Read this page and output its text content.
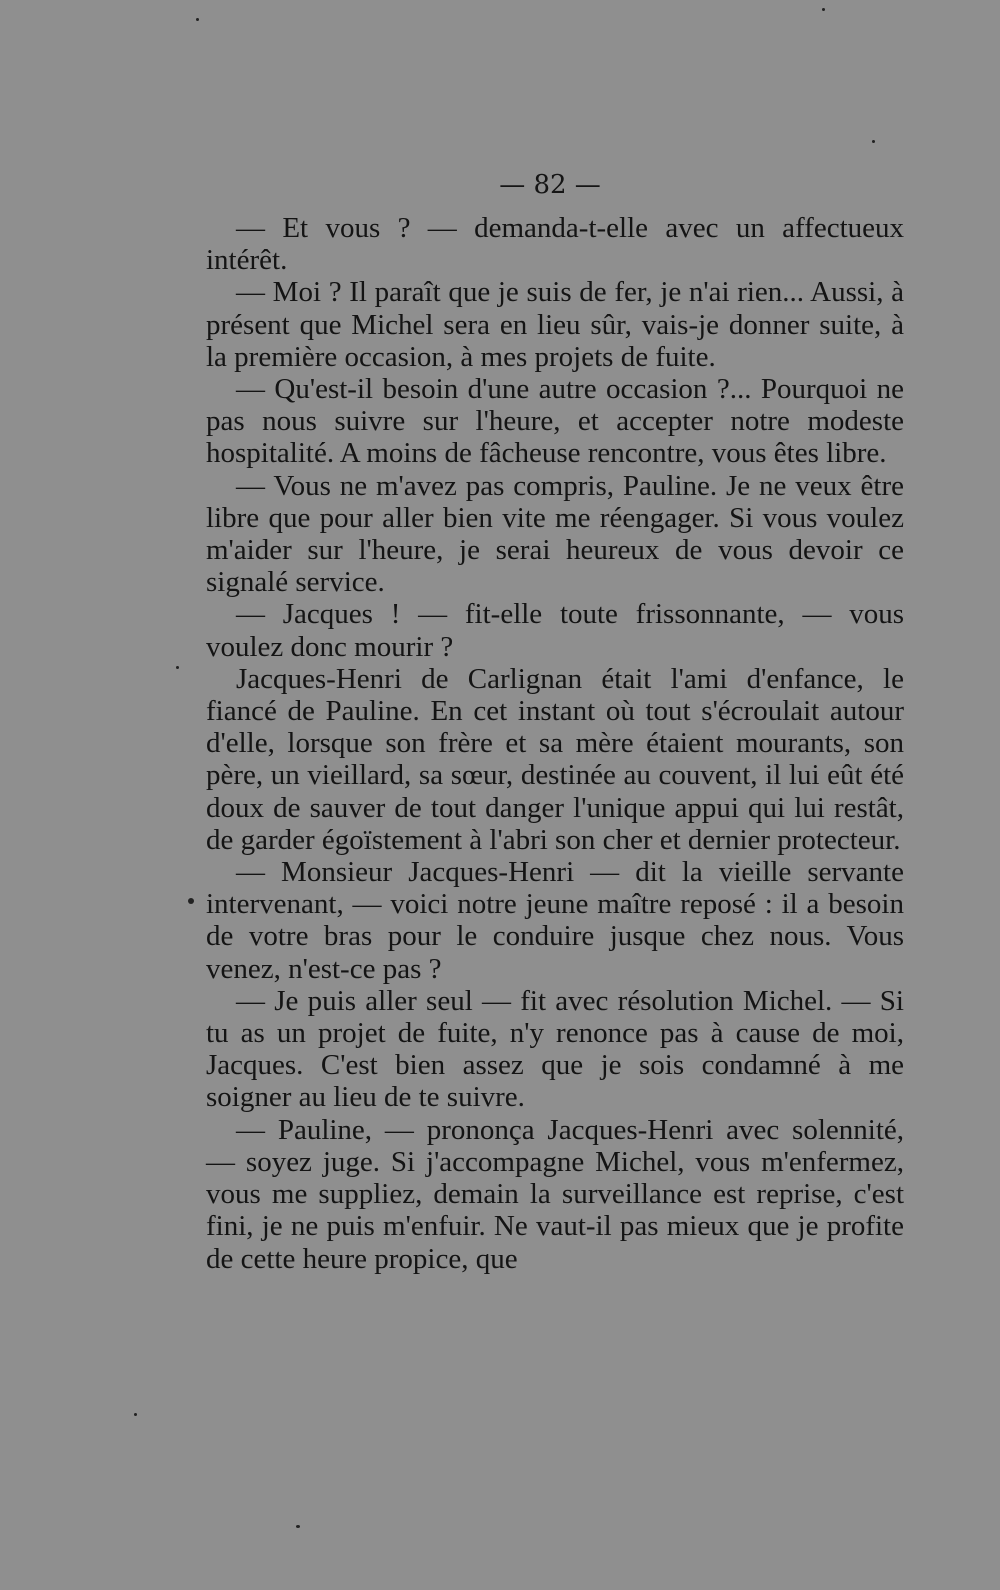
— 82 —

— Et vous ? — demanda-t-elle avec un affectueux intérêt.

— Moi ? Il paraît que je suis de fer, je n'ai rien... Aussi, à présent que Michel sera en lieu sûr, vais-je donner suite, à la première occasion, à mes projets de fuite.

— Qu'est-il besoin d'une autre occasion ?... Pourquoi ne pas nous suivre sur l'heure, et accepter notre modeste hospitalité. A moins de fâcheuse rencontre, vous êtes libre.

— Vous ne m'avez pas compris, Pauline. Je ne veux être libre que pour aller bien vite me réengager. Si vous voulez m'aider sur l'heure, je serai heureux de vous devoir ce signalé service.

— Jacques ! — fit-elle toute frissonnante, — vous voulez donc mourir ?

Jacques-Henri de Carlignan était l'ami d'enfance, le fiancé de Pauline. En cet instant où tout s'écroulait autour d'elle, lorsque son frère et sa mère étaient mourants, son père, un vieillard, sa sœur, destinée au couvent, il lui eût été doux de sauver de tout danger l'unique appui qui lui restât, de garder égoïstement à l'abri son cher et dernier protecteur.

— Monsieur Jacques-Henri — dit la vieille servante intervenant, — voici notre jeune maître reposé : il a besoin de votre bras pour le conduire jusque chez nous. Vous venez, n'est-ce pas ?

— Je puis aller seul — fit avec résolution Michel. — Si tu as un projet de fuite, n'y renonce pas à cause de moi, Jacques. C'est bien assez que je sois condamné à me soigner au lieu de te suivre.

— Pauline, — prononça Jacques-Henri avec solennité, — soyez juge. Si j'accompagne Michel, vous m'enfermez, vous me suppliez, demain la surveillance est reprise, c'est fini, je ne puis m'enfuir. Ne vaut-il pas mieux que je profite de cette heure propice, que
